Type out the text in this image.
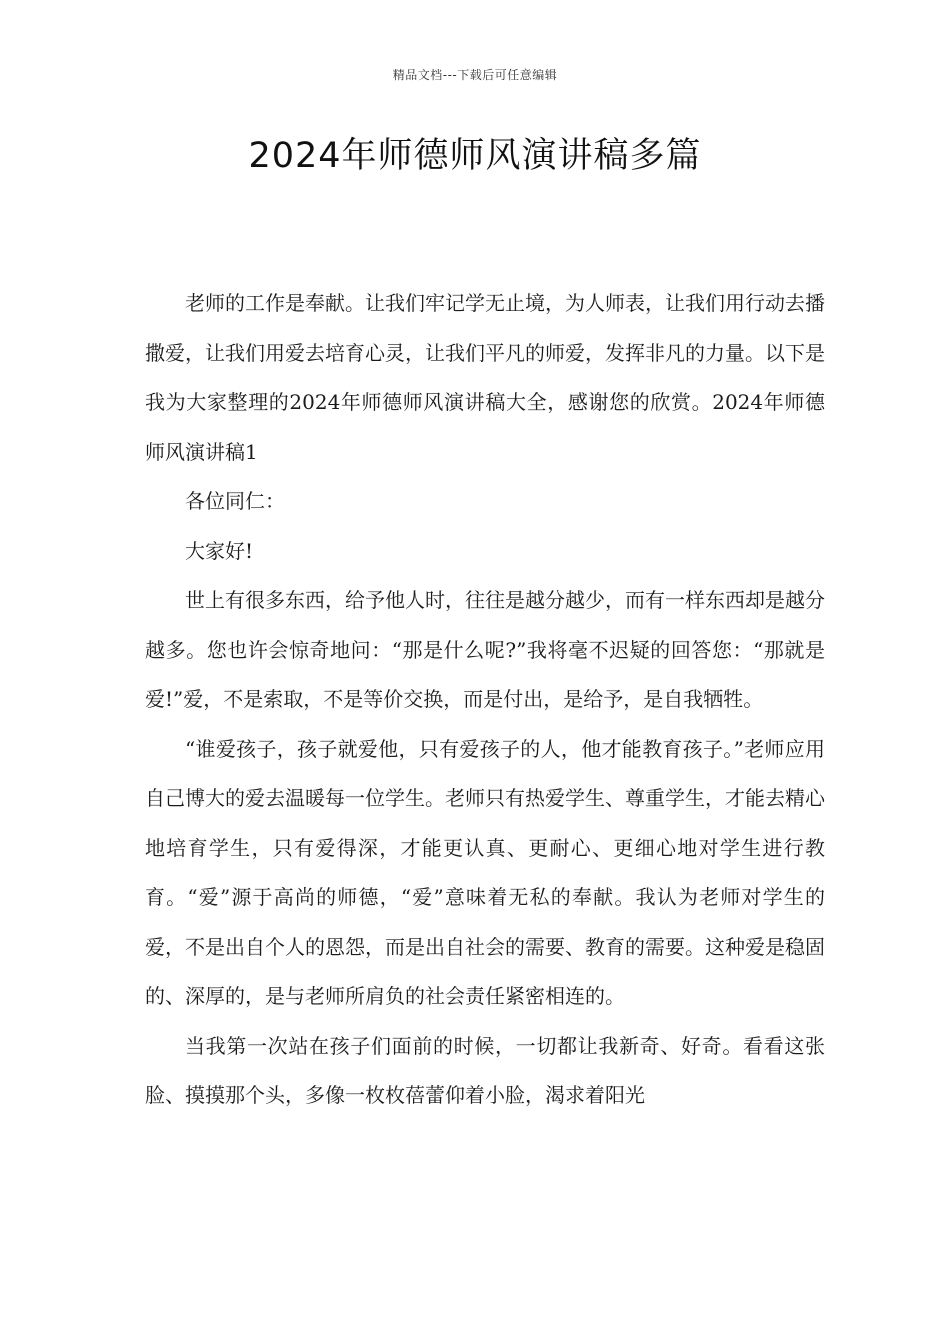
精品文档---下载后可任意编辑
2024年师德师风演讲稿多篇

老师的工作是奉献。让我们牢记学无止境，为人师表，让我们用行动去播撒爱，让我们用爱去培育心灵，让我们平凡的师爱，发挥非凡的力量。以下是我为大家整理的2024年师德师风演讲稿大全，感谢您的欣赏。2024年师德师风演讲稿1

各位同仁：

大家好!

世上有很多东西，给予他人时，往往是越分越少，而有一样东西却是越分越多。您也许会惊奇地问：“那是什么呢?”我将毫不迟疑的回答您：“那就是爱!”爱，不是索取，不是等价交换，而是付出，是给予，是自我牺牲。

“谁爱孩子，孩子就爱他，只有爱孩子的人，他才能教育孩子。”老师应用自己博大的爱去温暖每一位学生。老师只有热爱学生、尊重学生，才能去精心地培育学生，只有爱得深，才能更认真、更耐心、更细心地对学生进行教育。“爱”源于高尚的师德，“爱”意味着无私的奉献。我认为老师对学生的爱，不是出自个人的恩怨，而是出自社会的需要、教育的需要。这种爱是稳固的、深厚的，是与老师所肩负的社会责任紧密相连的。

当我第一次站在孩子们面前的时候，一切都让我新奇、好奇。看看这张脸、摸摸那个头，多像一枚枚蓓蕾仰着小脸，渴求着阳光
